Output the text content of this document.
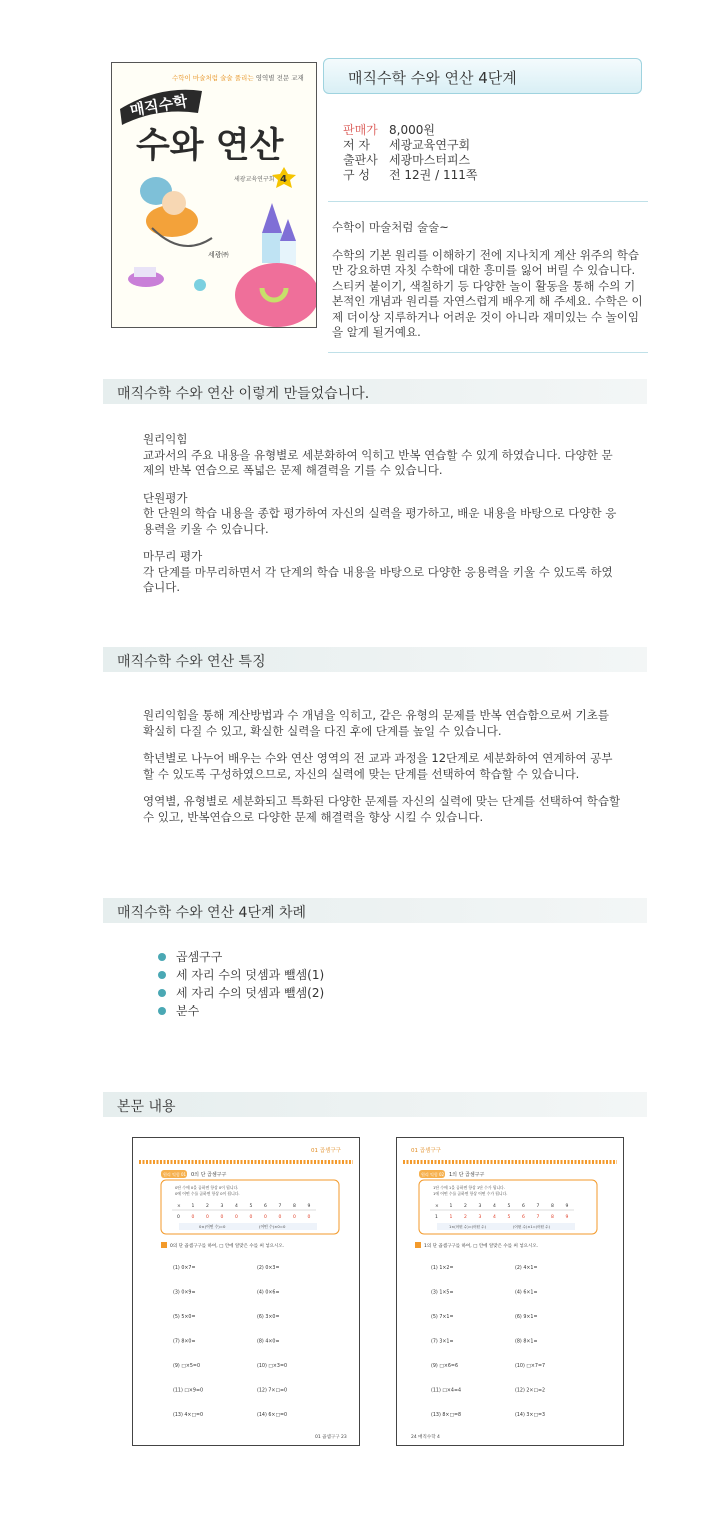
수학이 마술처럼 술술 풀리는 영역별 전문 교재
매직수학
수와 연산
세광교육연구회 4
세광㈜
매직수학 수와 연산 4단계
판매가 8,000원
저 자 세광교육연구회
출판사 세광마스터피스
구 성 전 12권 / 111쪽

수학이 마술처럼 술술~

수학의 기본 원리를 이해하기 전에 지나치게 계산 위주의 학습만 강요하면 자칫 수학에 대한 흥미를 잃어 버릴 수 있습니다. 스티커 붙이기, 색칠하기 등 다양한 놀이 활동을 통해 수의 기본적인 개념과 원리를 자연스럽게 배우게 해 주세요. 수학은 이제 더이상 지루하거나 어려운 것이 아니라 재미있는 수 놀이임을 알게 될거예요.

매직수학 수와 연산 이렇게 만들었습니다.

원리익힘
교과서의 주요 내용을 유형별로 세분화하여 익히고 반복 연습할 수 있게 하였습니다. 다양한 문제의 반복 연습으로 폭넓은 문제 해결력을 기를 수 있습니다.

단원평가
한 단원의 학습 내용을 종합 평가하여 자신의 실력을 평가하고, 배운 내용을 바탕으로 다양한 응용력을 키울 수 있습니다.

마무리 평가
각 단계를 마무리하면서 각 단계의 학습 내용을 바탕으로 다양한 응용력을 키울 수 있도록 하였습니다.

매직수학 수와 연산 특징

원리익힘을 통해 계산방법과 수 개념을 익히고, 같은 유형의 문제를 반복 연습함으로써 기초를 확실히 다질 수 있고, 확실한 실력을 다진 후에 단계를 높일 수 있습니다.

학년별로 나누어 배우는 수와 연산 영역의 전 교과 과정을 12단계로 세분화하여 연계하여 공부할 수 있도록 구성하였으므로, 자신의 실력에 맞는 단계를 선택하여 학습할 수 있습니다.

영역별, 유형별로 세분화되고 특화된 다양한 문제를 자신의 실력에 맞는 단계를 선택하여 학습할 수 있고, 반복연습으로 다양한 문제 해결력을 향상 시킬 수 있습니다.

매직수학 수와 연산 4단계 차례
곱셈구구
세 자리 수의 덧셈과 뺄셈(1)
세 자리 수의 덧셈과 뺄셈(2)
분수
본문 내용
01 곱셈구구
원리 익힘 01 0의 단 곱셈구구
0단 수에 0을 곱하면 항상 0이 됩니다.
0에 어떤 수를 곱하면 항상 0이 됩니다.
× 1	2	3	4	5	6	7	8	9
0	0	0	0	0	0	0	0	0	0
0×(어떤 수)=0	(어떤 수)×0=0
0의 단 곱셈구구를 하여, □ 안에 알맞은 수를 써 넣으시오.
(1) 0×7=	(2) 0×3=
(3) 0×9=	(4) 0×6=
(5) 5×0=	(6) 3×0=
(7) 8×0=	(8) 4×0=
(9) □×5=0	(10) □×3=0
(11) □×9=0	(12) 7×□=0
(13) 4×□=0	(14) 6×□=0
01 곱셈구구 23
01 곱셈구구
원리 익힘 02 1의 단 곱셈구구
1단 수에 1을 곱하면 항상 1단 수가 됩니다.
1에 어떤 수를 곱하면 항상 어떤 수가 됩니다.
× 1	2	3	4	5	6	7	8	9
1	1	2	3	4	5	6	7	8	9
1×(어떤 수)=(어떤 수)	(어떤 수)×1=(어떤 수)
1의 단 곱셈구구를 하여, □ 안에 알맞은 수를 써 넣으시오.
(1) 1×2=	(2) 4×1=
(3) 1×5=	(4) 6×1=
(5) 7×1=	(6) 9×1=
(7) 3×1=	(8) 8×1=
(9) □×6=6	(10) □×7=7
(11) □×4=4	(12) 2×□=2
(13) 8×□=8	(14) 3×□=3
24 매직수학 4
